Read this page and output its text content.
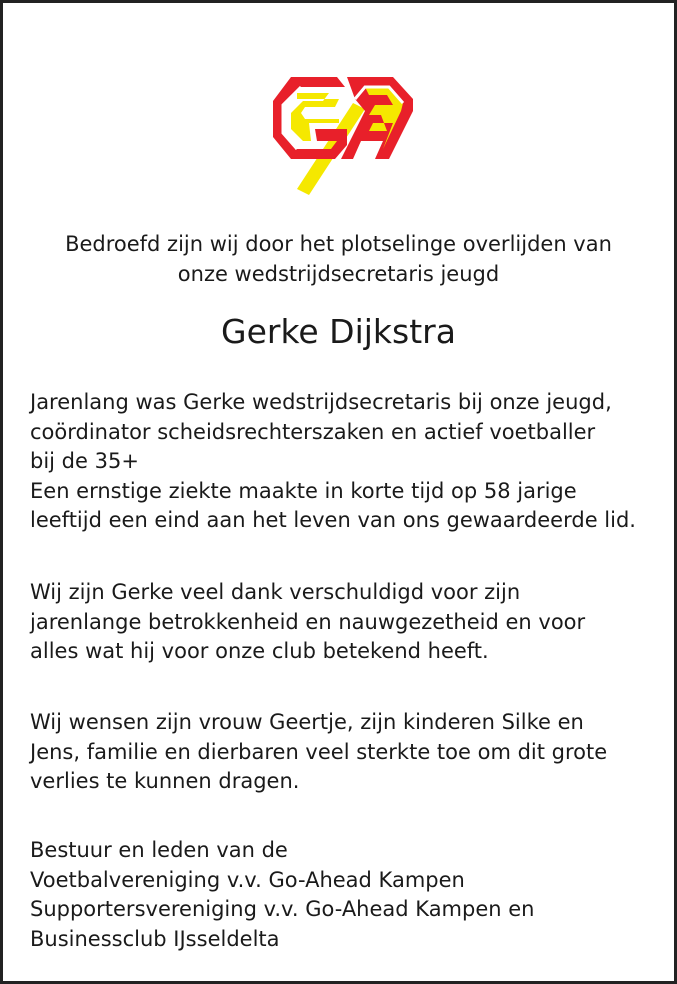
Bedroefd zijn wij door het plotselinge overlijden van
onze wedstrijdsecretaris jeugd
Gerke Dijkstra
Jarenlang was Gerke wedstrijdsecretaris bij onze jeugd,
coördinator scheidsrechterszaken en actief voetballer
bij de 35+
Een ernstige ziekte maakte in korte tijd op 58 jarige
leeftijd een eind aan het leven van ons gewaardeerde lid.
Wij zijn Gerke veel dank verschuldigd voor zijn
jarenlange betrokkenheid en nauwgezetheid en voor
alles wat hij voor onze club betekend heeft.
Wij wensen zijn vrouw Geertje, zijn kinderen Silke en
Jens, familie en dierbaren veel sterkte toe om dit grote
verlies te kunnen dragen.
Bestuur en leden van de
Voetbalvereniging v.v. Go-Ahead Kampen
Supportersvereniging v.v. Go-Ahead Kampen en
Businessclub IJsseldelta
